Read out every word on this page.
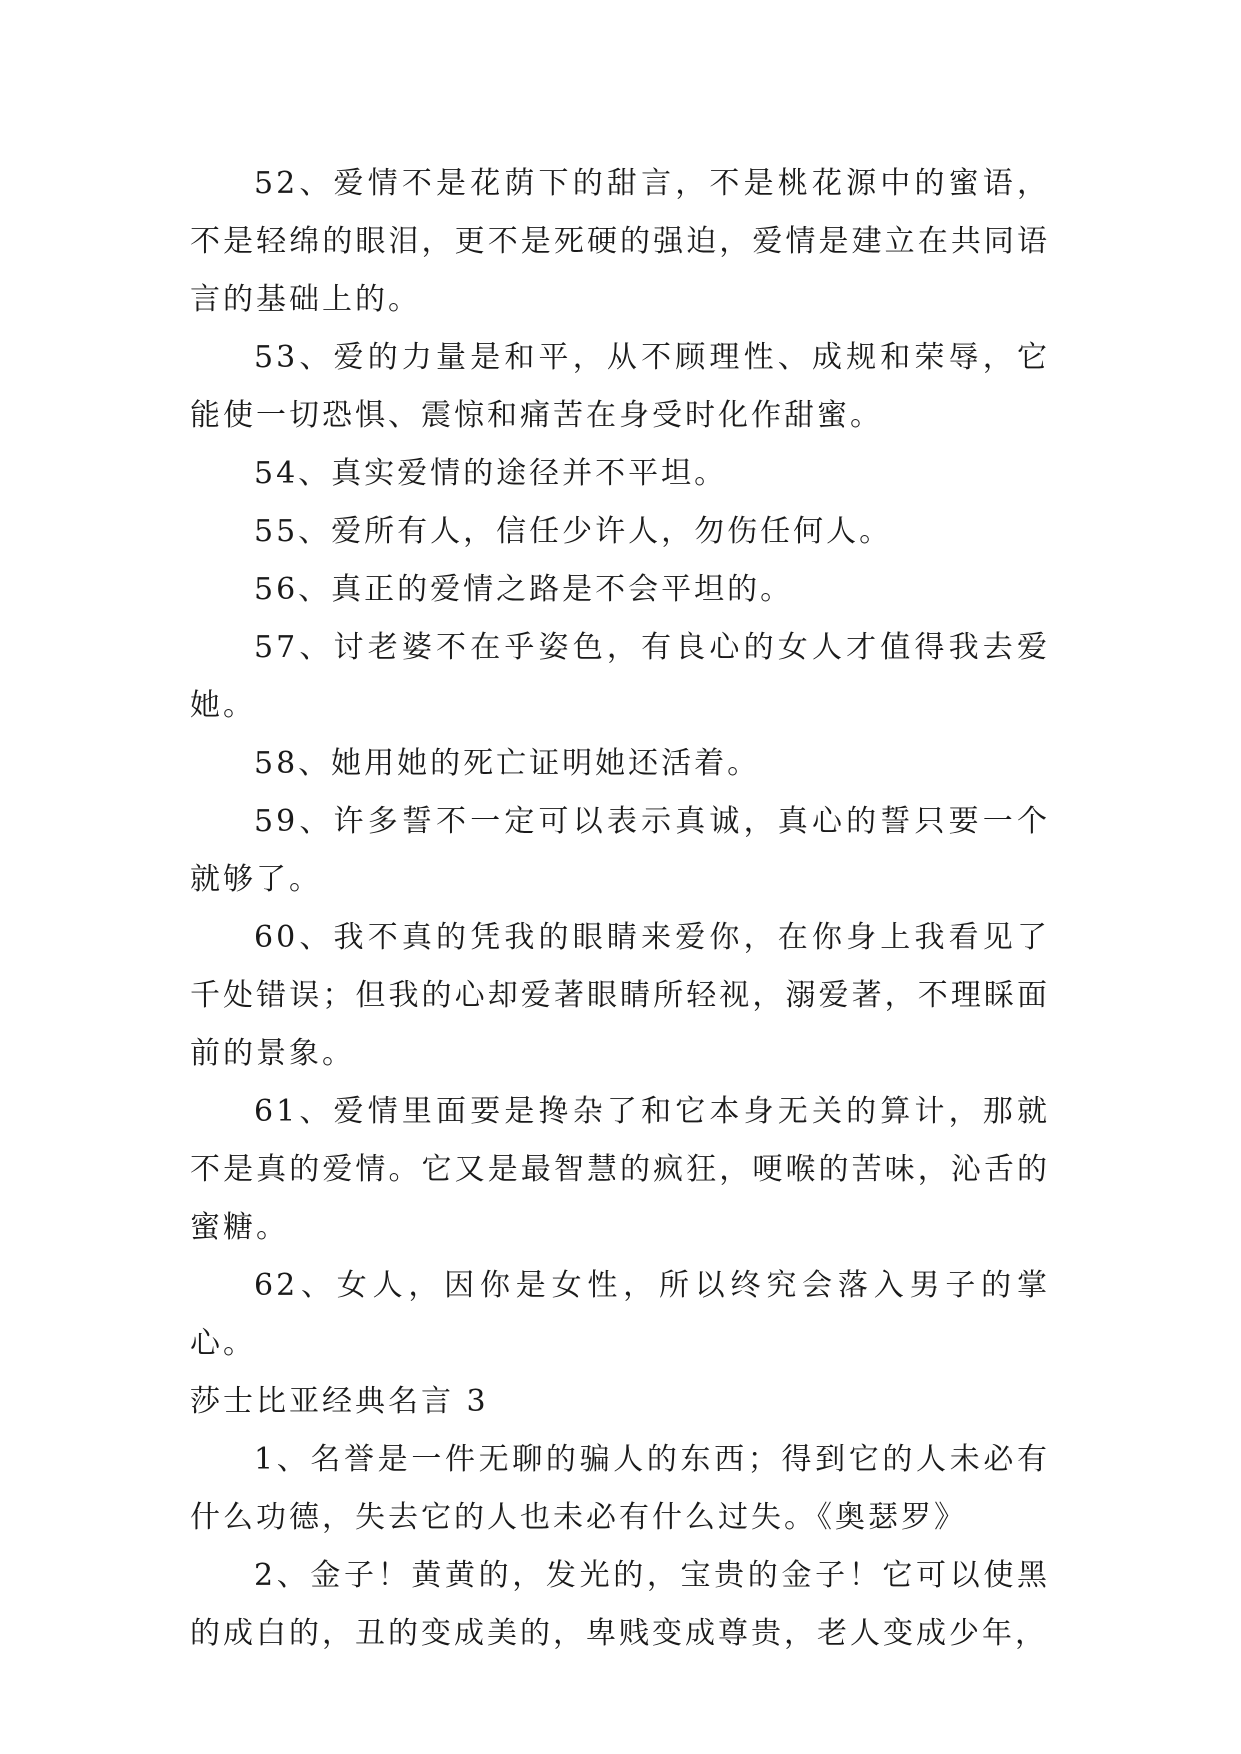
52、爱情不是花荫下的甜言，不是桃花源中的蜜语，不是轻绵的眼泪，更不是死硬的强迫，爱情是建立在共同语言的基础上的。

53、爱的力量是和平，从不顾理性、成规和荣辱，它能使一切恐惧、震惊和痛苦在身受时化作甜蜜。

54、真实爱情的途径并不平坦。

55、爱所有人，信任少许人，勿伤任何人。

56、真正的爱情之路是不会平坦的。

57、讨老婆不在乎姿色，有良心的女人才值得我去爱她。

58、她用她的死亡证明她还活着。

59、许多誓不一定可以表示真诚，真心的誓只要一个就够了。

60、我不真的凭我的眼睛来爱你，在你身上我看见了千处错误；但我的心却爱著眼睛所轻视，溺爱著，不理睬面前的景象。

61、爱情里面要是搀杂了和它本身无关的算计，那就不是真的爱情。它又是最智慧的疯狂，哽喉的苦味，沁舌的蜜糖。

62、女人，因你是女性，所以终究会落入男子的掌心。

莎士比亚经典名言 3

1、名誉是一件无聊的骗人的东西；得到它的人未必有什么功德，失去它的人也未必有什么过失。《奥瑟罗》

2、金子！黄黄的，发光的，宝贵的金子！它可以使黑的成白的，丑的变成美的，卑贱变成尊贵，老人变成少年，
